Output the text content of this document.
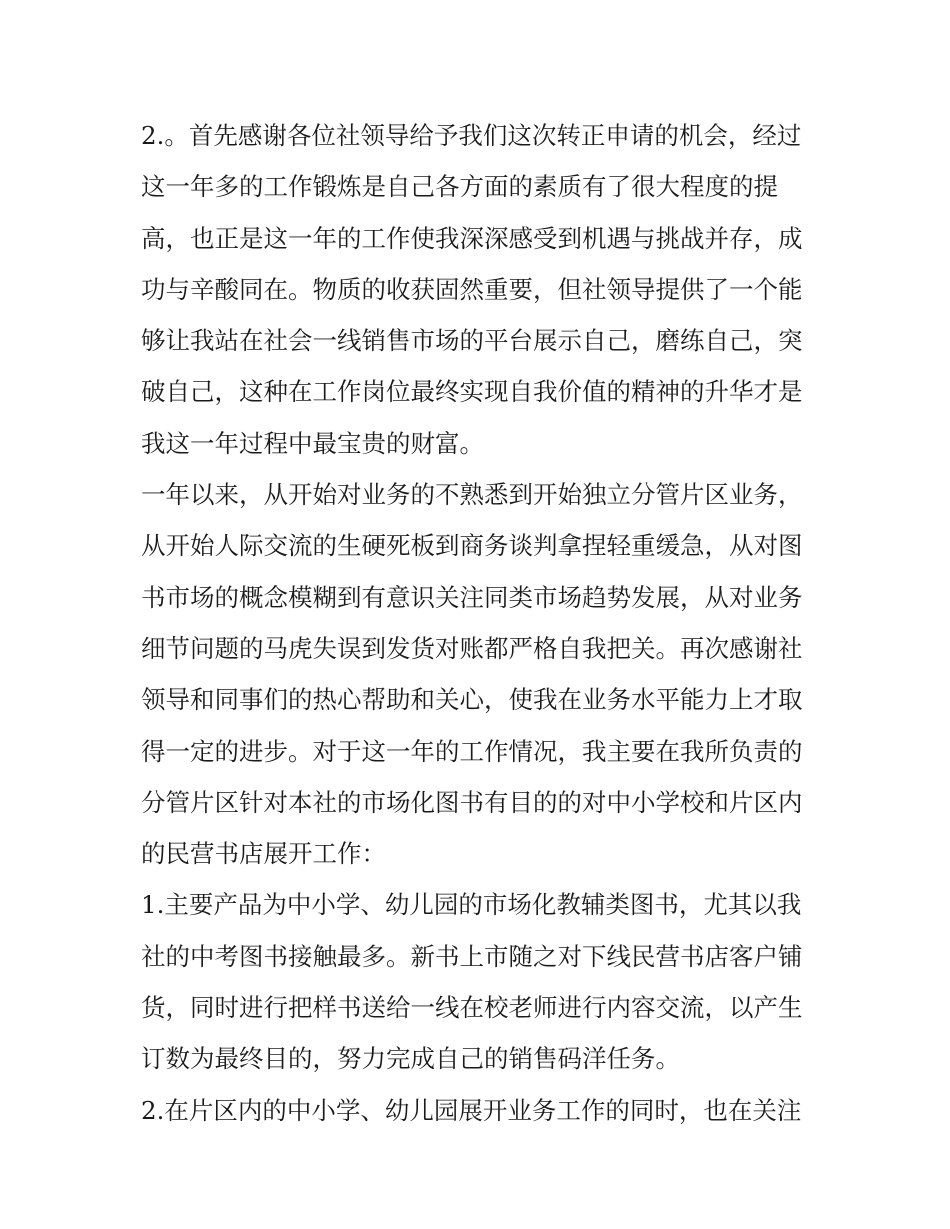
2.。首先感谢各位社领导给予我们这次转正申请的机会，经过
这一年多的工作锻炼是自己各方面的素质有了很大程度的提
高，也正是这一年的工作使我深深感受到机遇与挑战并存，成
功与辛酸同在。物质的收获固然重要，但社领导提供了一个能
够让我站在社会一线销售市场的平台展示自己，磨练自己，突
破自己，这种在工作岗位最终实现自我价值的精神的升华才是
我这一年过程中最宝贵的财富。
一年以来，从开始对业务的不熟悉到开始独立分管片区业务，
从开始人际交流的生硬死板到商务谈判拿捏轻重缓急，从对图
书市场的概念模糊到有意识关注同类市场趋势发展，从对业务
细节问题的马虎失误到发货对账都严格自我把关。再次感谢社
领导和同事们的热心帮助和关心，使我在业务水平能力上才取
得一定的进步。对于这一年的工作情况，我主要在我所负责的
分管片区针对本社的市场化图书有目的的对中小学校和片区内
的民营书店展开工作：
1.主要产品为中小学、幼儿园的市场化教辅类图书，尤其以我
社的中考图书接触最多。新书上市随之对下线民营书店客户铺
货，同时进行把样书送给一线在校老师进行内容交流，以产生
订数为最终目的，努力完成自己的销售码洋任务。
2.在片区内的中小学、幼儿园展开业务工作的同时，也在关注
